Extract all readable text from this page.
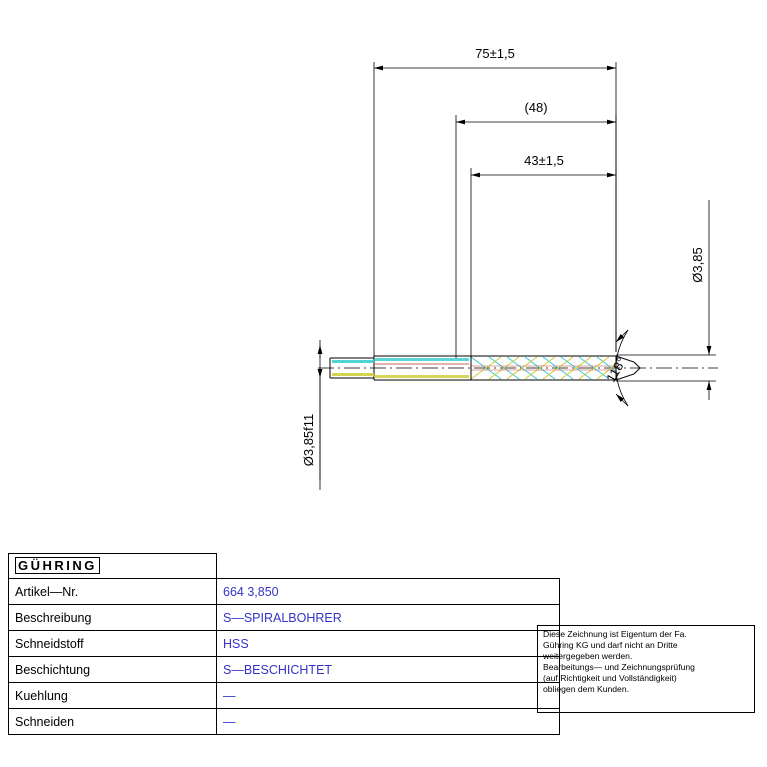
75±1,5
(48)
43±1,5
Ø3,85
Ø3,85f11
118°
GÜHRING	
Artikel—Nr.	664 3,850
Beschreibung	S—SPIRALBOHRER
Schneidstoff	HSS
Beschichtung	S—BESCHICHTET
Kuehlung	—
Schneiden	—
Diese Zeichnung ist Eigentum der Fa.
Gühring KG und darf nicht an Dritte
weitergegeben werden.
Bearbeitungs— und Zeichnungsprüfung
(auf Richtigkeit und Vollständigkeit)
obliegen dem Kunden.
